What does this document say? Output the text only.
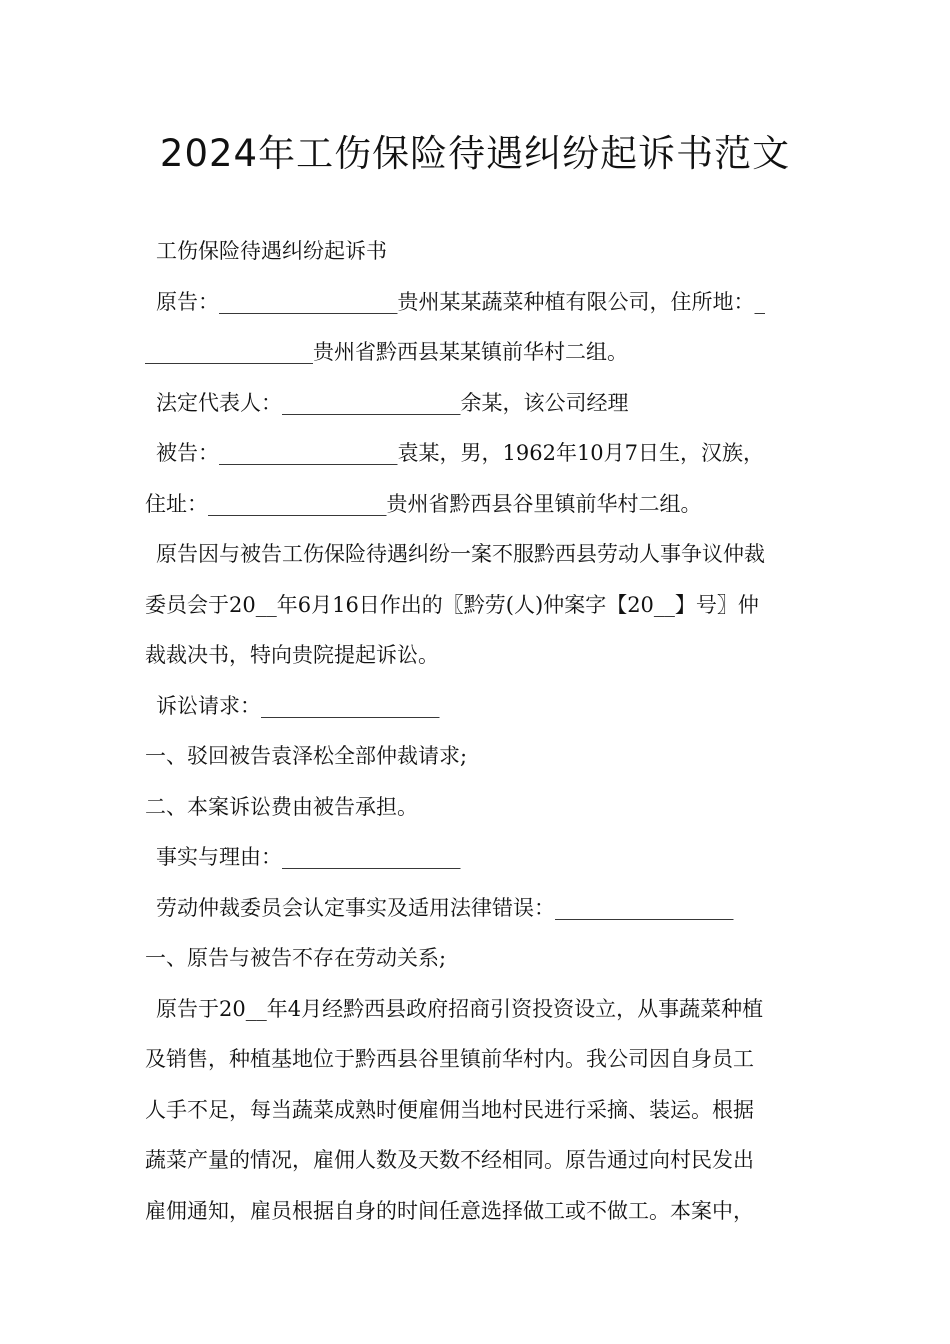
2024年工伤保险待遇纠纷起诉书范文
工伤保险待遇纠纷起诉书
原告：_________________贵州某某蔬菜种植有限公司，住所地：_
________________贵州省黔西县某某镇前华村二组。
法定代表人：_________________余某，该公司经理
被告：_________________袁某，男，1962年10月7日生，汉族，
住址：_________________贵州省黔西县谷里镇前华村二组。
原告因与被告工伤保险待遇纠纷一案不服黔西县劳动人事争议仲裁
委员会于20__年6月16日作出的〖黔劳(人)仲案字【20__】号〗仲
裁裁决书，特向贵院提起诉讼。
诉讼请求：_________________
一、驳回被告袁泽松全部仲裁请求;
二、本案诉讼费由被告承担。
事实与理由：_________________
劳动仲裁委员会认定事实及适用法律错误：_________________
一、原告与被告不存在劳动关系;
原告于20__年4月经黔西县政府招商引资投资设立，从事蔬菜种植
及销售，种植基地位于黔西县谷里镇前华村内。我公司因自身员工
人手不足，每当蔬菜成熟时便雇佣当地村民进行采摘、装运。根据
蔬菜产量的情况，雇佣人数及天数不经相同。原告通过向村民发出
雇佣通知，雇员根据自身的时间任意选择做工或不做工。本案中，
